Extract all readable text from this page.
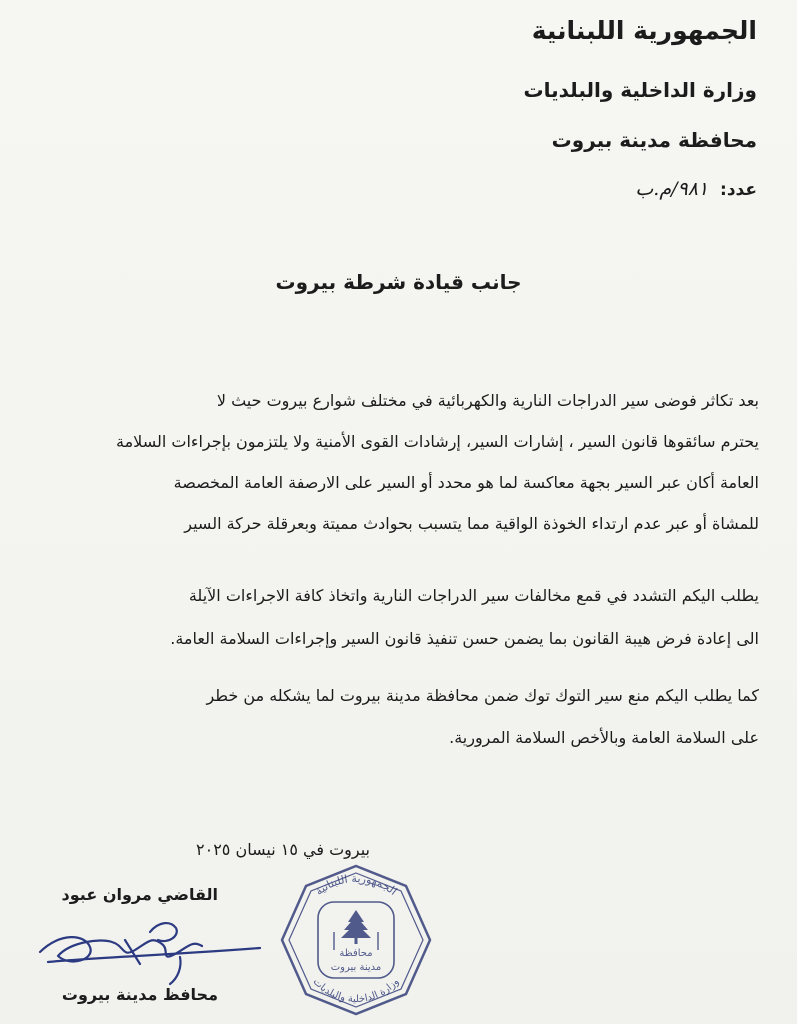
الجمهورية اللبنانية
وزارة الداخلية والبلديات
محافظة مدينة بيروت
عدد: ٩٨١/م.ب
جانب قيادة شرطة بيروت
بعد تكاثر فوضى سير الدراجات النارية والكهربائية في مختلف شوارع بيروت حيث لا
يحترم سائقوها قانون السير ، إشارات السير، إرشادات القوى الأمنية ولا يلتزمون بإجراءات السلامة
العامة أكان عبر السير بجهة معاكسة لما هو محدد أو السير على الارصفة العامة المخصصة
للمشاة أو عبر عدم ارتداء الخوذة الواقية مما يتسبب بحوادث مميتة وبعرقلة حركة السير
يطلب اليكم التشدد في قمع مخالفات سير الدراجات النارية واتخاذ كافة الاجراءات الآيلة
الى إعادة فرض هيبة القانون بما يضمن حسن تنفيذ قانون السير وإجراءات السلامة العامة.
كما يطلب اليكم منع سير التوك توك ضمن محافظة مدينة بيروت لما يشكله من خطر
على السلامة العامة وبالأخص السلامة المرورية.
بيروت في ١٥ نيسان ٢٠٢٥
القاضي مروان عبود
محافظ مدينة بيروت
الجمهورية اللبنانية
وزارة الداخلية والبلديات
محافظة
مدينة بيروت
